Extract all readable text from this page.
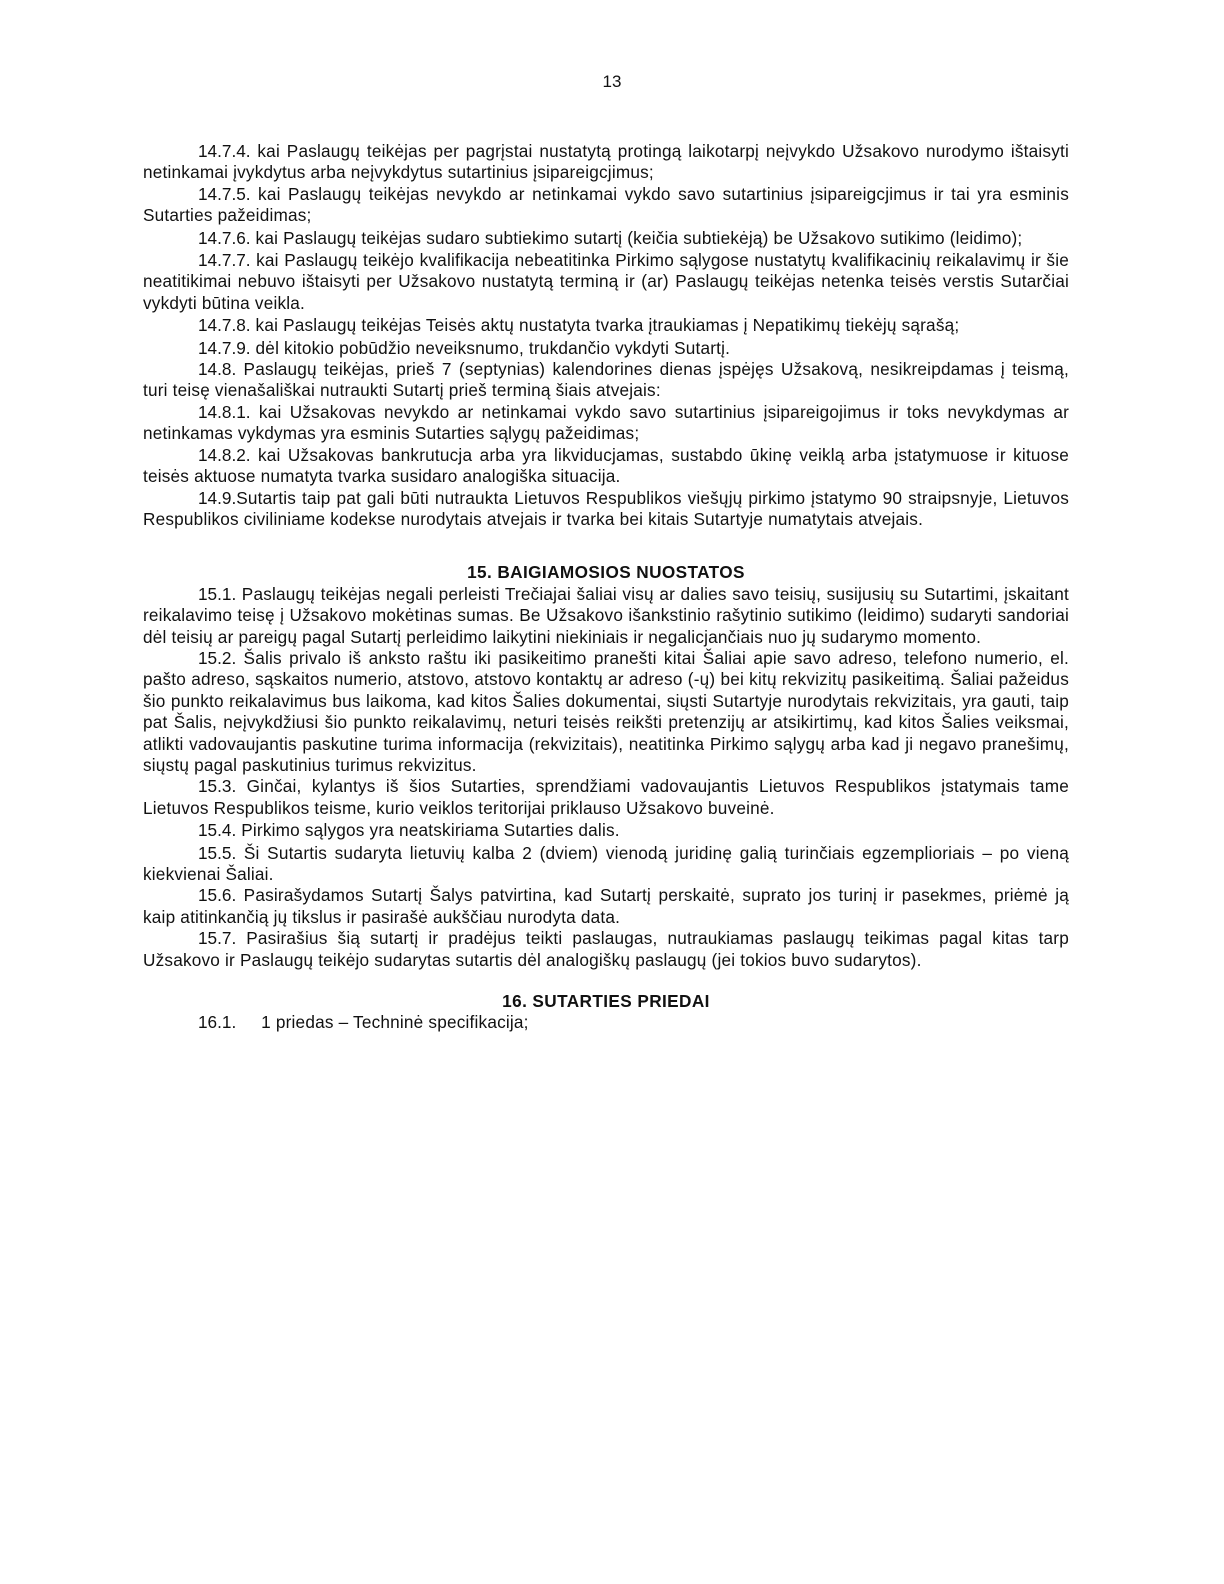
13

14.7.4. kai Paslaugų teikėjas per pagrįstai nustatytą protingą laikotarpį neįvykdo Užsakovo nurodymo ištaisyti netinkamai įvykdytus arba neįvykdytus sutartinius įsipareigcjimus;

14.7.5. kai Paslaugų teikėjas nevykdo ar netinkamai vykdo savo sutartinius įsipareigcjimus ir tai yra esminis Sutarties pažeidimas;

14.7.6. kai Paslaugų teikėjas sudaro subtiekimo sutartį (keičia subtiekėją) be Užsakovo sutikimo (leidimo);

14.7.7. kai Paslaugų teikėjo kvalifikacija nebeatitinka Pirkimo sąlygose nustatytų kvalifikacinių reikalavimų ir šie neatitikimai nebuvo ištaisyti per Užsakovo nustatytą terminą ir (ar) Paslaugų teikėjas netenka teisės verstis Sutarčiai vykdyti būtina veikla.

14.7.8. kai Paslaugų teikėjas Teisės aktų nustatyta tvarka įtraukiamas į Nepatikimų tiekėjų sąrašą;

14.7.9. dėl kitokio pobūdžio neveiksnumo, trukdančio vykdyti Sutartį.

14.8. Paslaugų teikėjas, prieš 7 (septynias) kalendorines dienas įspėjęs Užsakovą, nesikreipdamas į teismą, turi teisę vienašališkai nutraukti Sutartį prieš terminą šiais atvejais:

14.8.1. kai Užsakovas nevykdo ar netinkamai vykdo savo sutartinius įsipareigojimus ir toks nevykdymas ar netinkamas vykdymas yra esminis Sutarties sąlygų pažeidimas;

14.8.2. kai Užsakovas bankrutucja arba yra likviducjamas, sustabdo ūkinę veiklą arba įstatymuose ir kituose teisės aktuose numatyta tvarka susidaro analogiška situacija.

14.9.Sutartis taip pat gali būti nutraukta Lietuvos Respublikos viešųjų pirkimo įstatymo 90 straipsnyje, Lietuvos Respublikos civiliniame kodekse nurodytais atvejais ir tvarka bei kitais Sutartyje numatytais atvejais.

15. BAIGIAMOSIOS NUOSTATOS

15.1. Paslaugų teikėjas negali perleisti Trečiajai šaliai visų ar dalies savo teisių, susijusių su Sutartimi, įskaitant reikalavimo teisę į Užsakovo mokėtinas sumas. Be Užsakovo išankstinio rašytinio sutikimo (leidimo) sudaryti sandoriai dėl teisių ar pareigų pagal Sutartį perleidimo laikytini niekiniais ir negalicjančiais nuo jų sudarymo momento.

15.2. Šalis privalo iš anksto raštu iki pasikeitimo pranešti kitai Šaliai apie savo adreso, telefono numerio, el. pašto adreso, sąskaitos numerio, atstovo, atstovo kontaktų ar adreso (-ų) bei kitų rekvizitų pasikeitimą. Šaliai pažeidus šio punkto reikalavimus bus laikoma, kad kitos Šalies dokumentai, siųsti Sutartyje nurodytais rekvizitais, yra gauti, taip pat Šalis, neįvykdžiusi šio punkto reikalavimų, neturi teisės reikšti pretenzijų ar atsikirtimų, kad kitos Šalies veiksmai, atlikti vadovaujantis paskutine turima informacija (rekvizitais), neatitinka Pirkimo sąlygų arba kad ji negavo pranešimų, siųstų pagal paskutinius turimus rekvizitus.

15.3. Ginčai, kylantys iš šios Sutarties, sprendžiami vadovaujantis Lietuvos Respublikos įstatymais tame Lietuvos Respublikos teisme, kurio veiklos teritorijai priklauso Užsakovo buveinė.

15.4. Pirkimo sąlygos yra neatskiriama Sutarties dalis.

15.5. Ši Sutartis sudaryta lietuvių kalba 2 (dviem) vienodą juridinę galią turinčiais egzemplioriais – po vieną kiekvienai Šaliai.

15.6. Pasirašydamos Sutartį Šalys patvirtina, kad Sutartį perskaitė, suprato jos turinį ir pasekmes, priėmė ją kaip atitinkančią jų tikslus ir pasirašė aukščiau nurodyta data.

15.7. Pasirašius šią sutartį ir pradėjus teikti paslaugas, nutraukiamas paslaugų teikimas pagal kitas tarp Užsakovo ir Paslaugų teikėjo sudarytas sutartis dėl analogiškų paslaugų (jei tokios buvo sudarytos).

16. SUTARTIES PRIEDAI

16.1. 1 priedas – Techninė specifikacija;
